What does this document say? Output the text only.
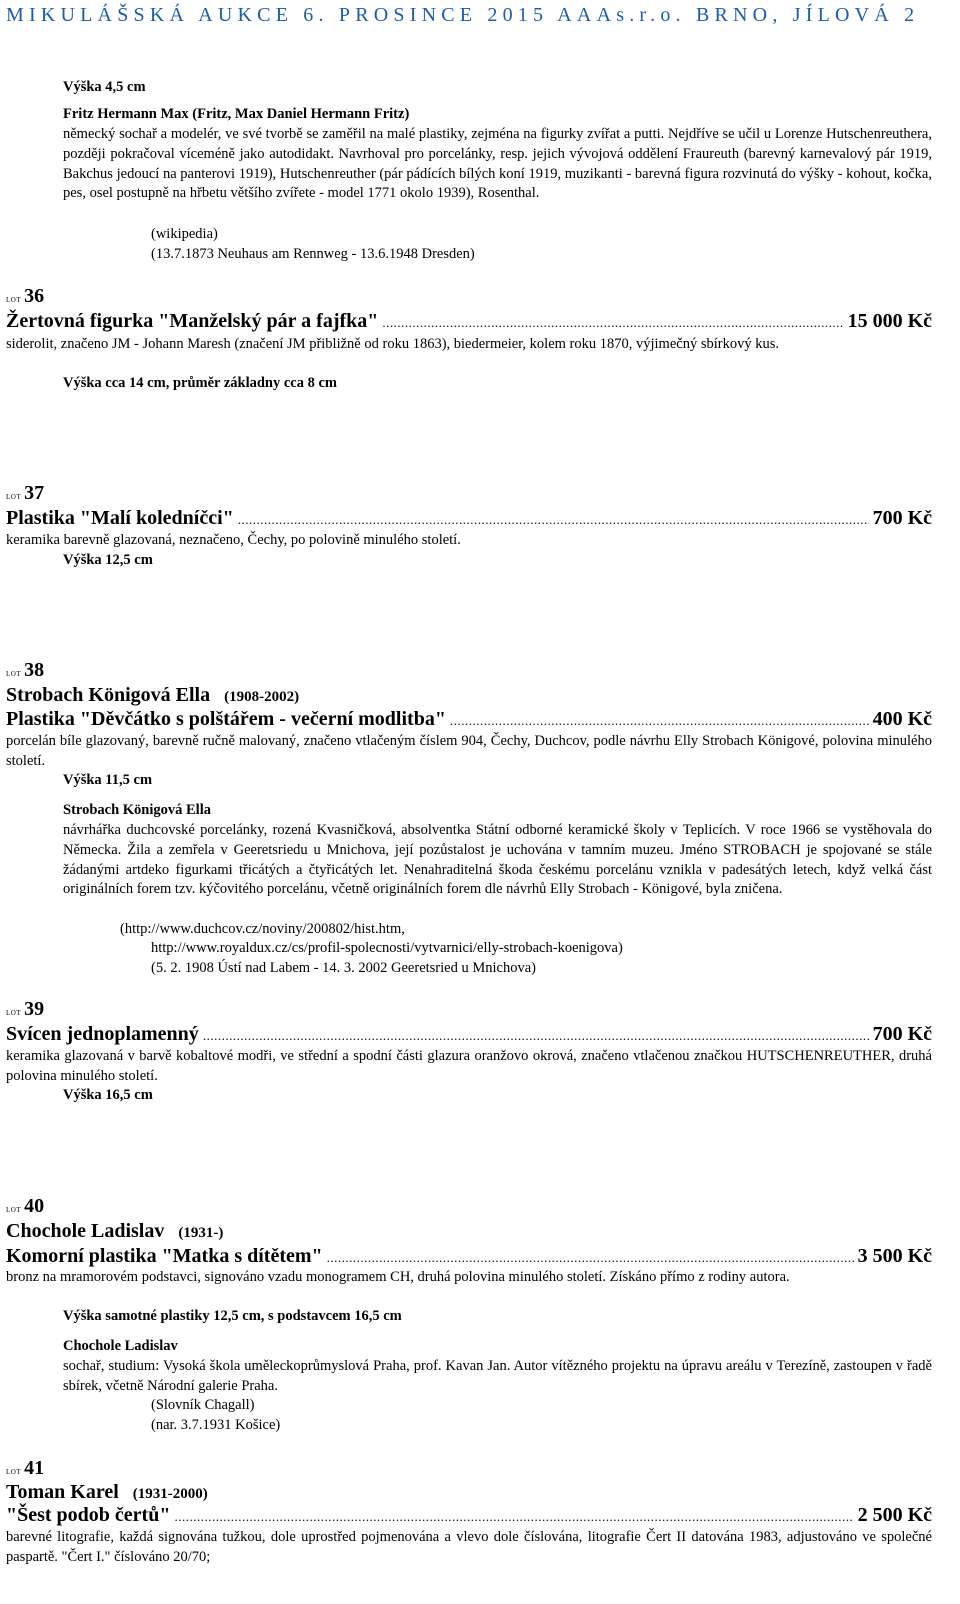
MIKULÁŠSKÁ AUKCE 6. PROSINCE 2015 AAAs.r.o. BRNO, JÍLOVÁ 2
Výška 4,5 cm
Fritz Hermann Max (Fritz, Max Daniel Hermann Fritz)
německý sochař a modelér, ve své tvorbě se zaměřil na malé plastiky, zejména na figurky zvířat a putti. Nejdříve se učil u Lorenze Hutschenreuthera, později pokračoval víceméně jako autodidakt. Navrhoval pro porcelánky, resp. jejich vývojová oddělení Fraureuth (barevný karnevalový pár 1919, Bakchus jedoucí na panterovi 1919), Hutschenreuther (pár pádících bílých koní 1919, muzikanti - barevná figura rozvinutá do výšky - kohout, kočka, pes, osel postupně na hřbetu většího zvířete - model 1771 okolo 1939), Rosenthal.
(wikipedia)
(13.7.1873 Neuhaus am Rennweg - 13.6.1948 Dresden)
LOT 36
Žertovná figurka "Manželský pár a fajfka" .....	15 000 Kč
siderolit, značeno JM - Johann Maresh (značení JM přibližně od roku 1863), biedermeier, kolem roku 1870, výjimečný sbírkový kus.
Výška cca 14 cm, průměr základny cca 8 cm
LOT 37
Plastika "Malí koledníčci" .....	700 Kč
keramika barevně glazovaná, neznačeno, Čechy, po polovině minulého století.
Výška 12,5 cm
LOT 38
Strobach Königová Ella (1908-2002)
Plastika "Děvčátko s polštářem - večerní modlitba" .....	400 Kč
porcelán bíle glazovaný, barevně ručně malovaný, značeno vtlačeným číslem 904, Čechy, Duchcov, podle návrhu Elly Strobach Königové, polovina minulého století.
Výška 11,5 cm
Strobach Königová Ella
návrhářka duchcovské porcelánky, rozená Kvasničková, absolventka Státní odborné keramické školy v Teplicích. V roce 1966 se vystěhovala do Německa. Žila a zemřela v Geeretsriedu u Mnichova, její pozůstalost je uchována v tamním muzeu. Jméno STROBACH je spojované se stále žádanými artdeko figurkami třicátých a čtyřicátých let. Nenahraditelná škoda českému porcelánu vznikla v padesátých letech, když velká část originálních forem tzv. kýčovitého porcelánu, včetně originálních forem dle návrhů Elly Strobach - Königové, byla zničena.
(http://www.duchcov.cz/noviny/200802/hist.htm,
http://www.royaldux.cz/cs/profil-spolecnosti/vytvarnici/elly-strobach-koenigova)
(5. 2. 1908 Ústí nad Labem - 14. 3. 2002 Geeretsried u Mnichova)
LOT 39
Svícen jednoplamenný .....	700 Kč
keramika glazovaná v barvě kobaltové modři, ve střední a spodní části glazura oranžovo okrová, značeno vtlačenou značkou HUTSCHENREUTHER, druhá polovina minulého století.
Výška 16,5 cm
LOT 40
Chochole Ladislav (1931-)
Komorní plastika "Matka s dítětem" .....	3 500 Kč
bronz na mramorovém podstavci, signováno vzadu monogramem CH, druhá polovina minulého století. Získáno přímo z rodiny autora.
Výška samotné plastiky 12,5 cm, s podstavcem 16,5 cm
Chochole Ladislav
sochař, studium: Vysoká škola uměleckoprůmyslová Praha, prof. Kavan Jan. Autor vítězného projektu na úpravu areálu v Terezíně, zastoupen v řadě sbírek, včetně Národní galerie Praha.
(Slovník Chagall)
(nar. 3.7.1931 Košice)
LOT 41
Toman Karel (1931-2000)
"Šest podob čertů" .....	2 500 Kč
barevné litografie, každá signována tužkou, dole uprostřed pojmenována a vlevo dole číslována, litografie Čert II datována 1983, adjustováno ve společné paspartě. "Čert I." číslováno 20/70;
